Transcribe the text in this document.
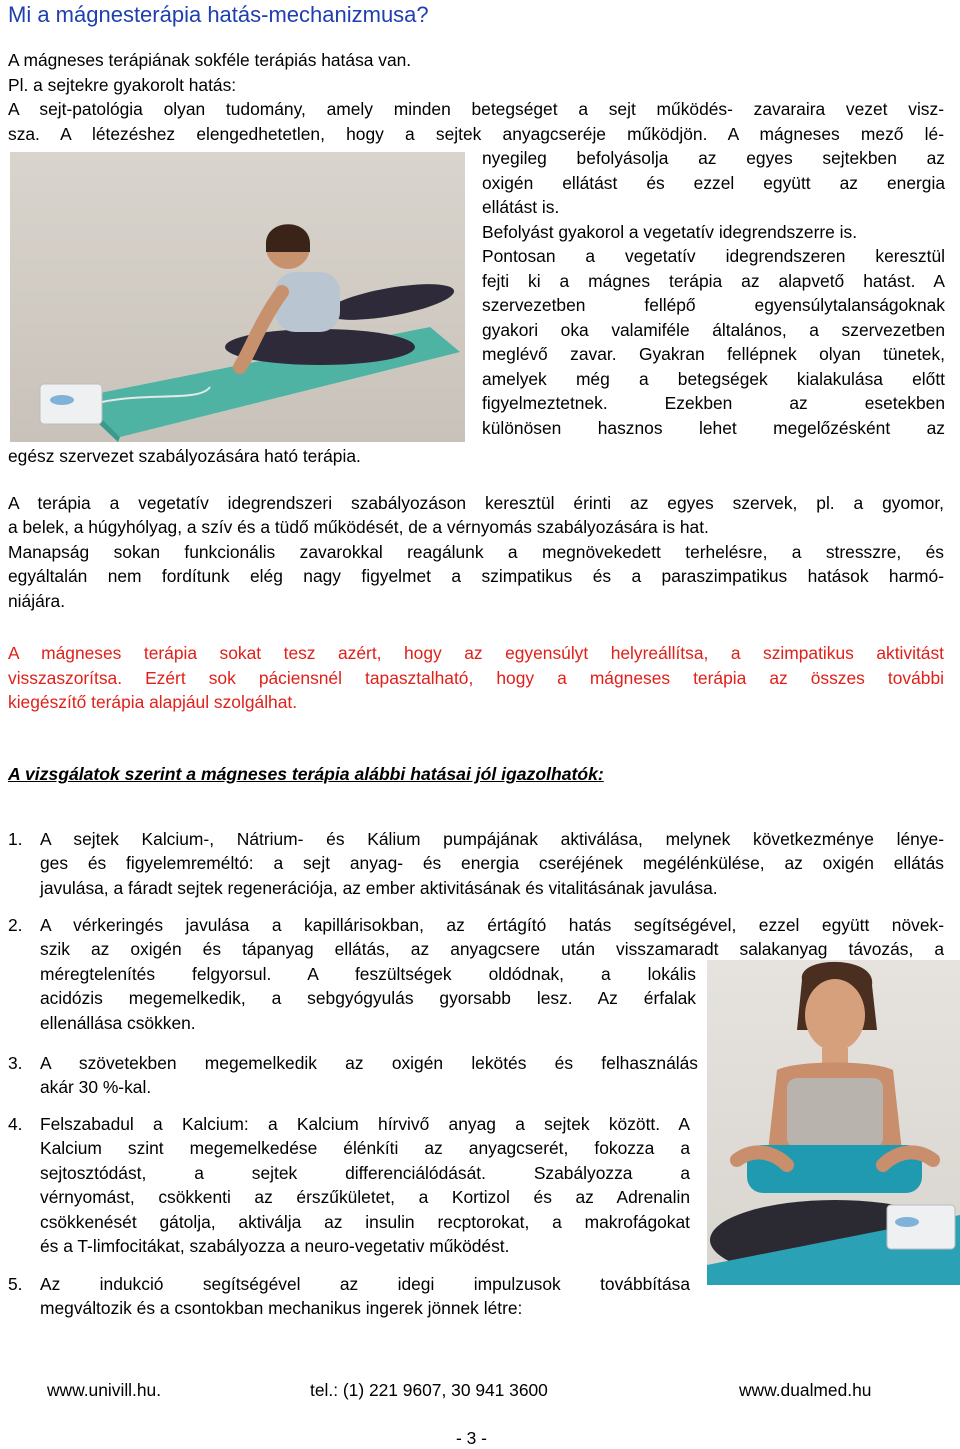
Mi a mágnesterápia hatás-mechanizmusa?
A mágneses terápiának sokféle terápiás hatása van.
Pl. a sejtekre gyakorolt hatás:
A sejt-patológia olyan tudomány, amely minden betegséget a sejt működés- zavaraira vezet visz-
sza. A létezéshez elengedhetetlen, hogy a sejtek anyagcseréje működjön. A mágneses mező lé-
nyegileg befolyásolja az egyes sejtekben az
oxigén ellátást és ezzel együtt az energia
ellátást is.
Befolyást gyakorol a vegetatív idegrendszerre is.
Pontosan a vegetatív idegrendszeren keresztül
fejti ki a mágnes terápia az alapvető hatást. A
szervezetben fellépő egyensúlytalanságoknak
gyakori oka valamiféle általános, a szervezetben
meglévő zavar. Gyakran fellépnek olyan tünetek,
amelyek még a betegségek kialakulása előtt
figyelmeztetnek. Ezekben az esetekben
különösen hasznos lehet megelőzésként az
egész szervezet szabályozására ható terápia.
A terápia a vegetatív idegrendszeri szabályozáson keresztül érinti az egyes szervek, pl. a gyomor,
a belek, a húgyhólyag, a szív és a tüdő működését, de a vérnyomás szabályozására is hat.
Manapság sokan funkcionális zavarokkal reagálunk a megnövekedett terhelésre, a stresszre, és
egyáltalán nem fordítunk elég nagy figyelmet a szimpatikus és a paraszimpatikus hatások harmó-
niájára.
A mágneses terápia sokat tesz azért, hogy az egyensúlyt helyreállítsa, a szimpatikus aktivitást
visszaszorítsa. Ezért sok páciensnél tapasztalható, hogy a mágneses terápia az összes további
kiegészítő terápia alapjául szolgálhat.
A vizsgálatok szerint a mágneses terápia alábbi hatásai jól igazolhatók:
1. A sejtek Kalcium-, Nátrium- és Kálium pumpájának aktiválása, melynek következménye lénye-
ges és figyelemreméltó: a sejt anyag- és energia cseréjének megélénkülése, az oxigén ellátás
javulása, a fáradt sejtek regenerációja, az ember aktivitásának és vitalitásának javulása.
2. A vérkeringés javulása a kapillárisokban, az értágító hatás segítségével, ezzel együtt növek-
szik az oxigén és tápanyag ellátás, az anyagcsere után visszamaradt salakanyag távozás, a
méregtelenítés felgyorsul. A feszültségek oldódnak, a lokális
acidózis megemelkedik, a sebgyógyulás gyorsabb lesz. Az érfalak
ellenállása csökken.
3. A szövetekben megemelkedik az oxigén lekötés és felhasználás
akár 30 %-kal.
4. Felszabadul a Kalcium: a Kalcium hírvivő anyag a sejtek között. A
Kalcium szint megemelkedése élénkíti az anyagcserét, fokozza a
sejtosztódást, a sejtek differenciálódását. Szabályozza a
vérnyomást, csökkenti az érszűkületet, a Kortizol és az Adrenalin
csökkenését gátolja, aktiválja az insulin recptorokat, a makrofágokat
és a T-limfocitákat, szabályozza a neuro-vegetativ működést.
5. Az indukció segítségével az idegi impulzusok továbbítása
megváltozik és a csontokban mechanikus ingerek jönnek létre:
www.univill.hu.	tel.: (1) 221 9607, 30 941 3600	www.dualmed.hu
- 3 -
